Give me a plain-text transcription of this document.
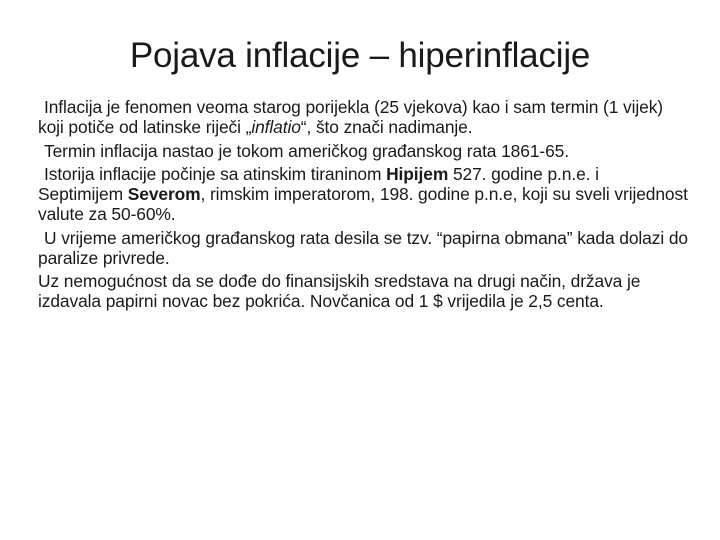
Pojava inflacije – hiperinflacije

Inflacija je fenomen veoma starog porijekla (25 vjekova) kao i sam termin (1 vijek) koji potiče od latinske riječi „inflatio“, što znači nadimanje.

Termin inflacija nastao je tokom američkog građanskog rata 1861-65.

Istorija inflacije počinje sa atinskim tiraninom Hipijem 527. godine p.n.e. i Septimijem Severom, rimskim imperatorom, 198. godine p.n.e, koji su sveli vrijednost valute za 50-60%.

U vrijeme američkog građanskog rata desila se tzv. “papirna obmana” kada dolazi do paralize privrede.

Uz nemogućnost da se dođe do finansijskih sredstava na drugi način, država je izdavala papirni novac bez pokrića. Novčanica od 1 $ vrijedila je 2,5 centa.
